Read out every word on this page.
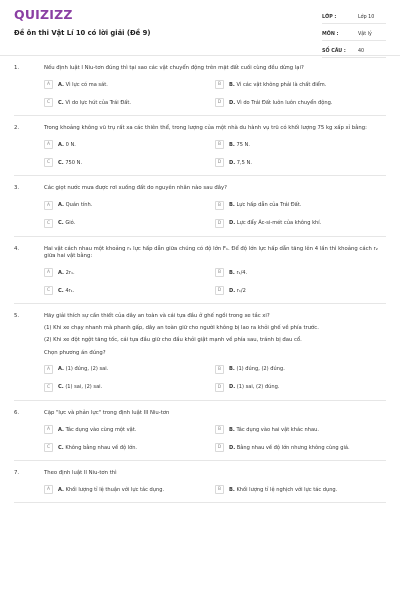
QUIZIZZ
Đề ôn thi Vật Lí 10 có lời giải (Đề 9)
LỚP :	Lớp 10
MÔN :	Vật lý
SỐ CÂU :	40
1.	Nếu định luật I Niu-tơn đúng thì tại sao các vật chuyển động trên mặt đất cuối cùng đều dừng lại?
A	A. Vì lực có ma sát.	B	B. Vì các vật không phải là chất điểm.
C	C. Vì do lực hút của Trái Đất.	D	D. Vì do Trái Đất luôn luôn chuyển động.
2.	Trong khoảng không vũ trụ rất xa các thiên thể, trong lượng của một nhà du hành vụ trũ có khối lượng 75 kg xấp xỉ bằng:
A	A. 0 N.	B	B. 75 N.
C	C. 750 N.	D	D. 7,5 N.
3.	Các giọt nước mưa được rơi xuống đất do nguyên nhân nào sau đây?
A	A. Quán tính.	B	B. Lực hấp dẫn của Trái Đất.
C	C. Gió.	D	D. Lực đẩy Ác-si-mét của không khí.
4.	Hai vật cách nhau một khoảng r₁ lực hấp dẫn giữa chúng có độ lớn F₁. Để độ lớn lực hấp dẫn tăng lên 4 lần thì khoảng cách r₂ giữa hai vật bằng:
A	A. 2r₁.	B	B. r₁/4.
C	C. 4r₁.	D	D. r₁/2
5.	Hãy giải thích sự cần thiết của dây an toàn và cái tựa đầu ở ghế ngồi trong xe tắc xi?
(1) Khi xe chạy nhanh mà phanh gấp, dây an toàn giữ cho người không bị lao ra khỏi ghế về phía trước.
(2) Khi xe đột ngột tăng tốc, cái tựa đầu giữ cho đầu khỏi giật mạnh về phía sau, tránh bị đau cổ.
Chọn phương án đúng?
A	A. (1) đúng, (2) sai.	B	B. (1) đúng, (2) đúng.
C	C. (1) sai, (2) sai.	D	D. (1) sai, (2) đúng.
6.	Cặp "lực và phản lực" trong định luật III Niu-tơn
A	A. Tác dụng vào cùng một vật.	B	B. Tác dụng vào hai vật khác nhau.
C	C. Không bằng nhau về độ lớn.	D	D. Bằng nhau về độ lớn nhưng không cùng giá.
7.	Theo định luật II Niu-tơn thì
A	A. Khối lượng tỉ lệ thuận với lực tác dụng.	B	B. Khối lượng tỉ lệ nghịch với lực tác dụng.
